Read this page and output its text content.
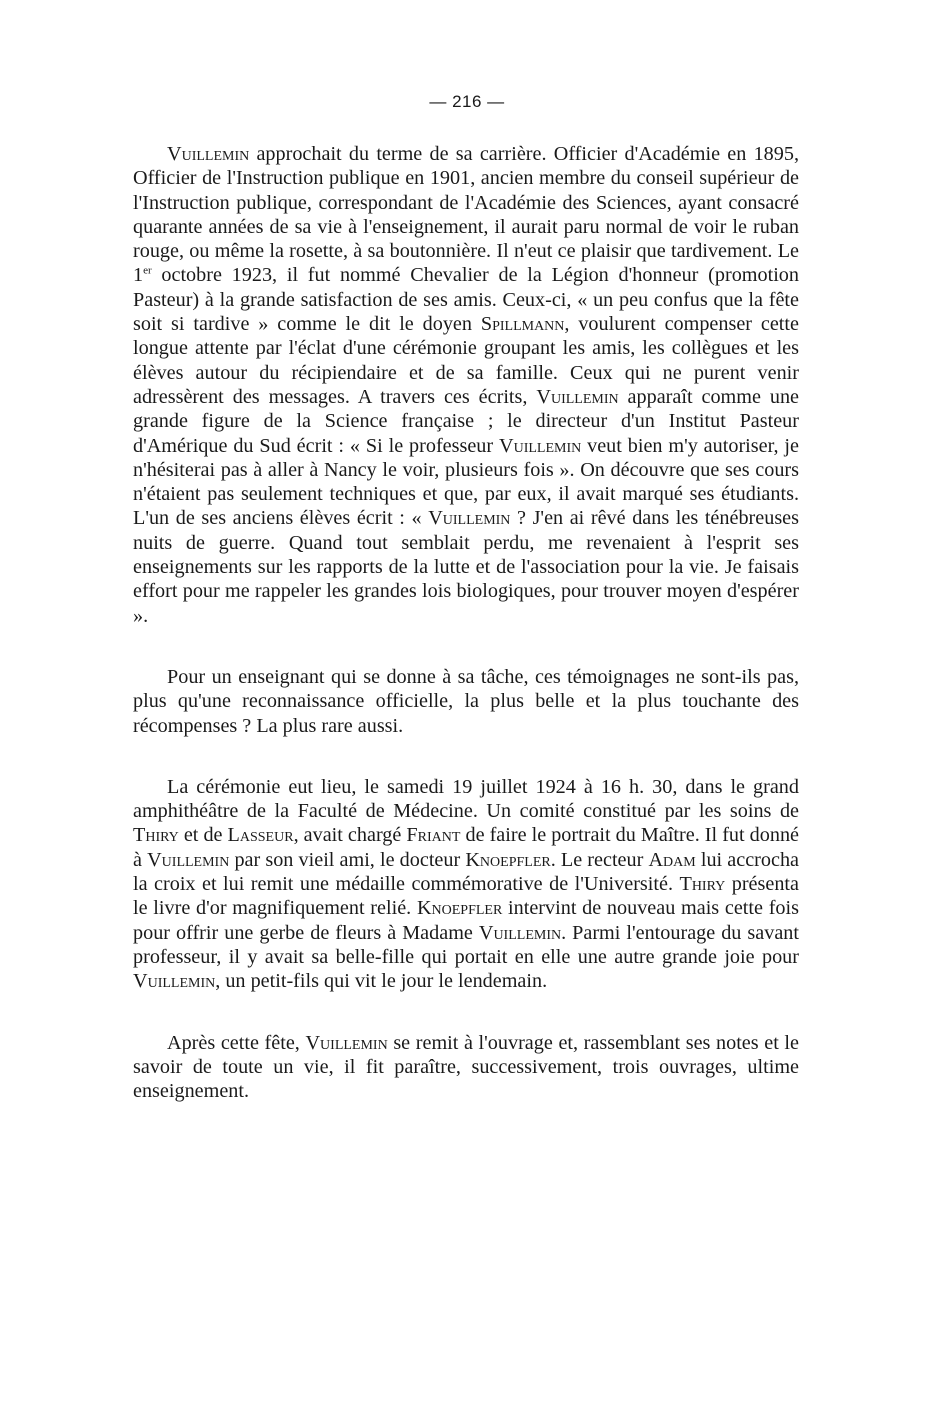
— 216 —

Vuillemin approchait du terme de sa carrière. Officier d'Académie en 1895, Officier de l'Instruction publique en 1901, ancien membre du conseil supérieur de l'Instruction publique, correspondant de l'Académie des Sciences, ayant consacré quarante années de sa vie à l'enseignement, il aurait paru normal de voir le ruban rouge, ou même la rosette, à sa boutonnière. Il n'eut ce plaisir que tardivement. Le 1er octobre 1923, il fut nommé Chevalier de la Légion d'honneur (promotion Pasteur) à la grande satisfaction de ses amis. Ceux-ci, « un peu confus que la fête soit si tardive » comme le dit le doyen Spillmann, voulurent compenser cette longue attente par l'éclat d'une cérémonie groupant les amis, les collègues et les élèves autour du récipiendaire et de sa famille. Ceux qui ne purent venir adressèrent des messages. A travers ces écrits, Vuillemin apparaît comme une grande figure de la Science française ; le directeur d'un Institut Pasteur d'Amérique du Sud écrit : « Si le professeur Vuillemin veut bien m'y autoriser, je n'hésiterai pas à aller à Nancy le voir, plusieurs fois ». On découvre que ses cours n'étaient pas seulement techniques et que, par eux, il avait marqué ses étudiants. L'un de ses anciens élèves écrit : « Vuillemin ? J'en ai rêvé dans les ténébreuses nuits de guerre. Quand tout semblait perdu, me revenaient à l'esprit ses enseignements sur les rapports de la lutte et de l'association pour la vie. Je faisais effort pour me rappeler les grandes lois biologiques, pour trouver moyen d'espérer ».

Pour un enseignant qui se donne à sa tâche, ces témoignages ne sont-ils pas, plus qu'une reconnaissance officielle, la plus belle et la plus touchante des récompenses ? La plus rare aussi.

La cérémonie eut lieu, le samedi 19 juillet 1924 à 16 h. 30, dans le grand amphithéâtre de la Faculté de Médecine. Un comité constitué par les soins de Thiry et de Lasseur, avait chargé Friant de faire le portrait du Maître. Il fut donné à Vuillemin par son vieil ami, le docteur Knoepfler. Le recteur Adam lui accrocha la croix et lui remit une médaille commémorative de l'Université. Thiry présenta le livre d'or magnifiquement relié. Knoepfler intervint de nouveau mais cette fois pour offrir une gerbe de fleurs à Madame Vuillemin. Parmi l'entourage du savant professeur, il y avait sa belle-fille qui portait en elle une autre grande joie pour Vuillemin, un petit-fils qui vit le jour le lendemain.

Après cette fête, Vuillemin se remit à l'ouvrage et, rassemblant ses notes et le savoir de toute un vie, il fit paraître, successivement, trois ouvrages, ultime enseignement.
